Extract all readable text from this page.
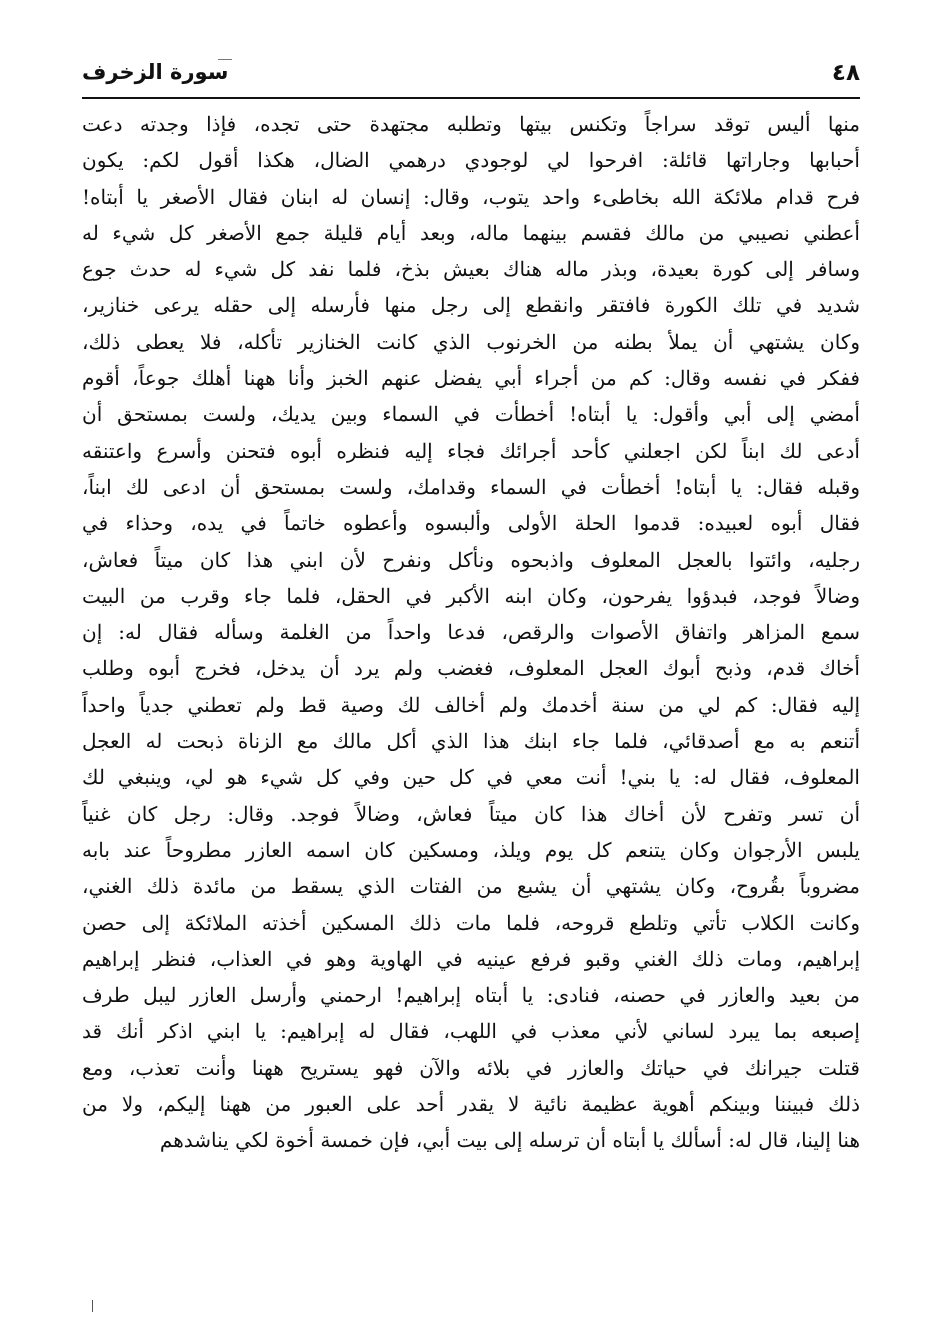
٤٨
سورة الزخرف
منها أليس توقد سراجاً وتكنس بيتها وتطلبه مجتهدة حتى تجده، فإذا وجدته دعت
أحبابها وجاراتها قائلة: افرحوا لي لوجودي درهمي الضال، هكذا أقول لكم: يكون
فرح قدام ملائكة الله بخاطىء واحد يتوب، وقال: إنسان له ابنان فقال الأصغر يا أبتاه!
أعطني نصيبي من مالك فقسم بينهما ماله، وبعد أيام قليلة جمع الأصغر كل شيء له
وسافر إلى كورة بعيدة، وبذر ماله هناك بعيش بذخ، فلما نفد كل شيء له حدث جوع
شديد في تلك الكورة فافتقر وانقطع إلى رجل منها فأرسله إلى حقله يرعى خنازير،
وكان يشتهي أن يملأ بطنه من الخرنوب الذي كانت الخنازير تأكله، فلا يعطى ذلك،
ففكر في نفسه وقال: كم من أجراء أبي يفضل عنهم الخبز وأنا ههنا أهلك جوعاً، أقوم
أمضي إلى أبي وأقول: يا أبتاه! أخطأت في السماء وبين يديك، ولست بمستحق أن
أدعى لك ابناً لكن اجعلني كأحد أجرائك فجاء إليه فنظره أبوه فتحنن وأسرع واعتنقه
وقبله فقال: يا أبتاه! أخطأت في السماء وقدامك، ولست بمستحق أن ادعى لك ابناً،
فقال أبوه لعبيده: قدموا الحلة الأولى وألبسوه وأعطوه خاتماً في يده، وحذاء في
رجليه، وائتوا بالعجل المعلوف واذبحوه ونأكل ونفرح لأن ابني هذا كان ميتاً فعاش،
وضالاً فوجد، فبدؤوا يفرحون، وكان ابنه الأكبر في الحقل، فلما جاء وقرب من البيت
سمع المزاهر واتفاق الأصوات والرقص، فدعا واحداً من الغلمة وسأله فقال له: إن
أخاك قدم، وذبح أبوك العجل المعلوف، فغضب ولم يرد أن يدخل، فخرج أبوه وطلب
إليه فقال: كم لي من سنة أخدمك ولم أخالف لك وصية قط ولم تعطني جدياً واحداً
أتنعم به مع أصدقائي، فلما جاء ابنك هذا الذي أكل مالك مع الزناة ذبحت له العجل
المعلوف، فقال له: يا بني! أنت معي في كل حين وفي كل شيء هو لي، وينبغي لك
أن تسر وتفرح لأن أخاك هذا كان ميتاً فعاش، وضالاً فوجد. وقال: رجل كان غنياً
يلبس الأرجوان وكان يتنعم كل يوم ويلذ، ومسكين كان اسمه العازر مطروحاً عند بابه
مضروباً بقُروح، وكان يشتهي أن يشبع من الفتات الذي يسقط من مائدة ذلك الغني،
وكانت الكلاب تأتي وتلطع قروحه، فلما مات ذلك المسكين أخذته الملائكة إلى حصن
إبراهيم، ومات ذلك الغني وقبو فرفع عينيه في الهاوية وهو في العذاب، فنظر إبراهيم
من بعيد والعازر في حصنه، فنادى: يا أبتاه إبراهيم! ارحمني وأرسل العازر ليبل طرف
إصبعه بما يبرد لساني لأني معذب في اللهب، فقال له إبراهيم: يا ابني اذكر أنك قد
قتلت جيرانك في حياتك والعازر في بلائه والآن فهو يستريح ههنا وأنت تعذب، ومع
ذلك فبيننا وبينكم أهوية عظيمة نائية لا يقدر أحد على العبور من ههنا إليكم، ولا من
هنا إلينا، قال له: أسألك يا أبتاه أن ترسله إلى بيت أبي، فإن خمسة أخوة لكي يناشدهم
